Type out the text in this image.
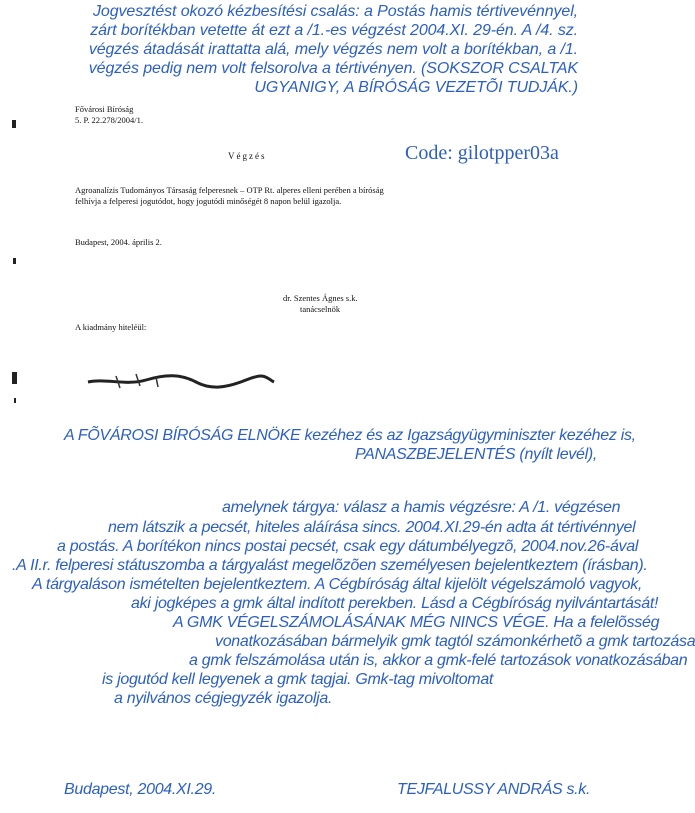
Jogvesztést okozó kézbesítési csalás: a Postás hamis tértivevénnyel,
zárt borítékban vetette át ezt a /1.-es végzést 2004.XI. 29-én. A /4. sz.
végzés átadását irattatta alá, mely végzés nem volt a borítékban, a /1.
végzés pedig nem volt felsorolva a tértivényen. (SOKSZOR CSALTAK
UGYANIGY, A BÍRÓSÁG VEZETÕI TUDJÁK.)
Fővárosi Bíróság
5. P. 22.278/2004/1.
Code: gilotpper03a
Végzés
Agroanalízis Tudományos Társaság felperesnek – OTP Rt. alperes elleni perében a bíróság
felhívja a felperesi jogutódot, hogy jogutódi minőségét 8 napon belül igazolja.
Budapest, 2004. április 2.
dr. Szentes Ágnes s.k.
tanácselnök
A kiadmány hiteléül:
A FÕVÁROSI BÍRÓSÁG ELNÖKE kezéhez és az Igazságyügyminiszter kezéhez is,
PANASZBEJELENTÉS (nyílt levél),
amelynek tárgya: válasz a hamis végzésre: A /1. végzésen
nem látszik a pecsét, hiteles aláírása sincs. 2004.XI.29-én adta át tértivénnyel
a postás. A borítékon nincs postai pecsét, csak egy dátumbélyegzõ, 2004.nov.26-ával
.A II.r. felperesi státuszomba a tárgyalást megelõzõen személyesen bejelentkeztem (írásban).
A tárgyaláson ismételten bejelentkeztem. A Cégbíróság által kijelölt végelszámoló vagyok,
aki jogképes a gmk által indított perekben. Lásd a Cégbíróság nyilvántartását!
A GMK VÉGELSZÁMOLÁSÁNAK MÉG NINCS VÉGE. Ha a felelõsség
vonatkozásában bármelyik gmk tagtól számonkérhetõ a gmk tartozása
a gmk felszámolása után is, akkor a gmk-felé tartozások vonatkozásában
is jogutód kell legyenek a gmk tagjai. Gmk-tag mivoltomat
a nyilvános cégjegyzék igazolja.
Budapest, 2004.XI.29.	TEJFALUSSY ANDRÁS s.k.
